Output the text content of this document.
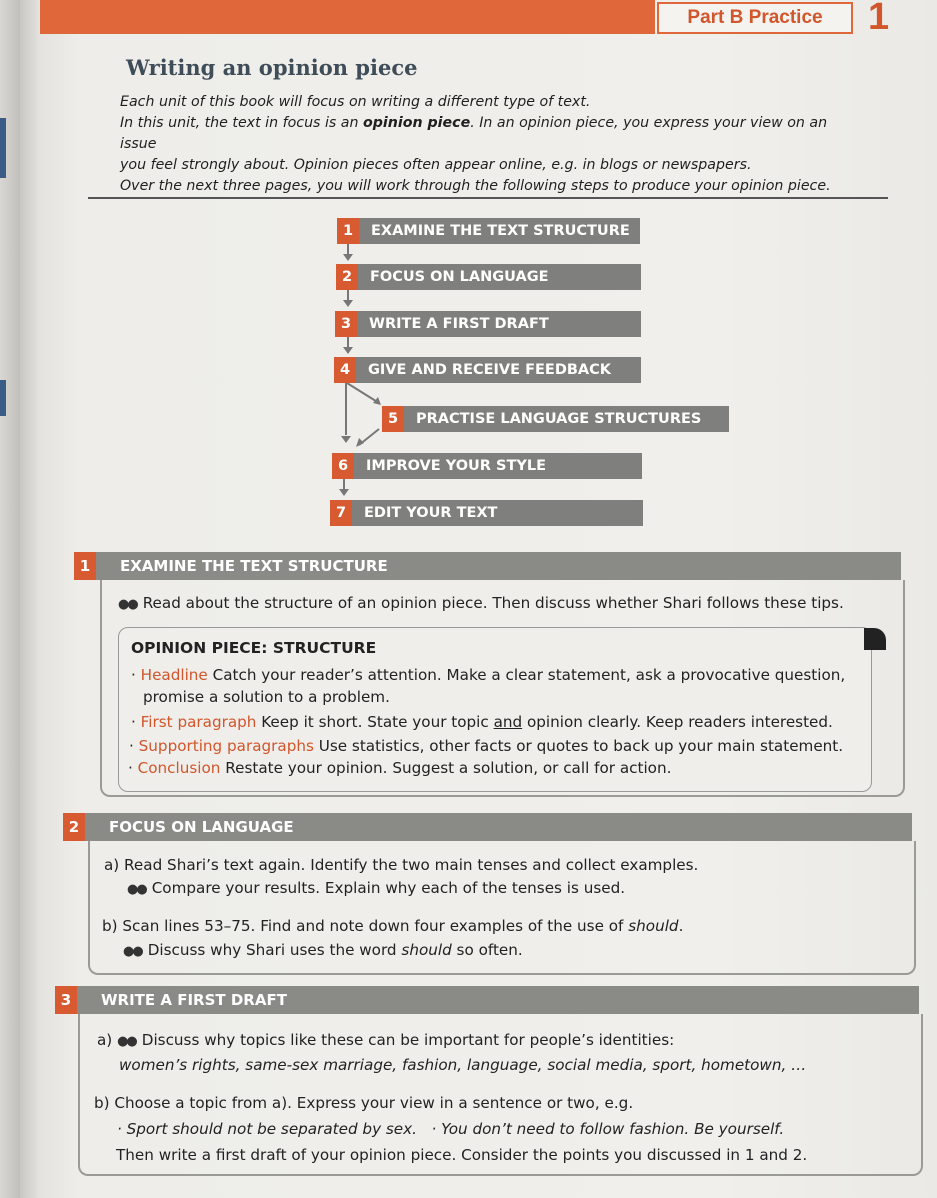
Part B Practice	1
Writing an opinion piece

Each unit of this book will focus on writing a different type of text.

In this unit, the text in focus is an opinion piece. In an opinion piece, you express your view on an issue

you feel strongly about. Opinion pieces often appear online, e.g. in blogs or newspapers.

Over the next three pages, you will work through the following steps to produce your opinion piece.

1	EXAMINE THE TEXT STRUCTURE
2	FOCUS ON LANGUAGE
3	WRITE A FIRST DRAFT
4	GIVE AND RECEIVE FEEDBACK
5	PRACTISE LANGUAGE STRUCTURES
6	IMPROVE YOUR STYLE
7	EDIT YOUR TEXT
1	EXAMINE THE TEXT STRUCTURE
●● Read about the structure of an opinion piece. Then discuss whether Shari follows these tips.
OPINION PIECE: STRUCTURE
· Headline Catch your reader’s attention. Make a clear statement, ask a provocative question,
promise a solution to a problem.
· First paragraph Keep it short. State your topic and opinion clearly. Keep readers interested.
· Supporting paragraphs Use statistics, other facts or quotes to back up your main statement.
· Conclusion Restate your opinion. Suggest a solution, or call for action.
2	FOCUS ON LANGUAGE
a) Read Shari’s text again. Identify the two main tenses and collect examples.
●● Compare your results. Explain why each of the tenses is used.
b) Scan lines 53–75. Find and note down four examples of the use of should.
●● Discuss why Shari uses the word should so often.
3	WRITE A FIRST DRAFT
a) ●● Discuss why topics like these can be important for people’s identities:
women’s rights, same-sex marriage, fashion, language, social media, sport, hometown, …
b) Choose a topic from a). Express your view in a sentence or two, e.g.
· Sport should not be separated by sex. · You don’t need to follow fashion. Be yourself.
Then write a first draft of your opinion piece. Consider the points you discussed in 1 and 2.
